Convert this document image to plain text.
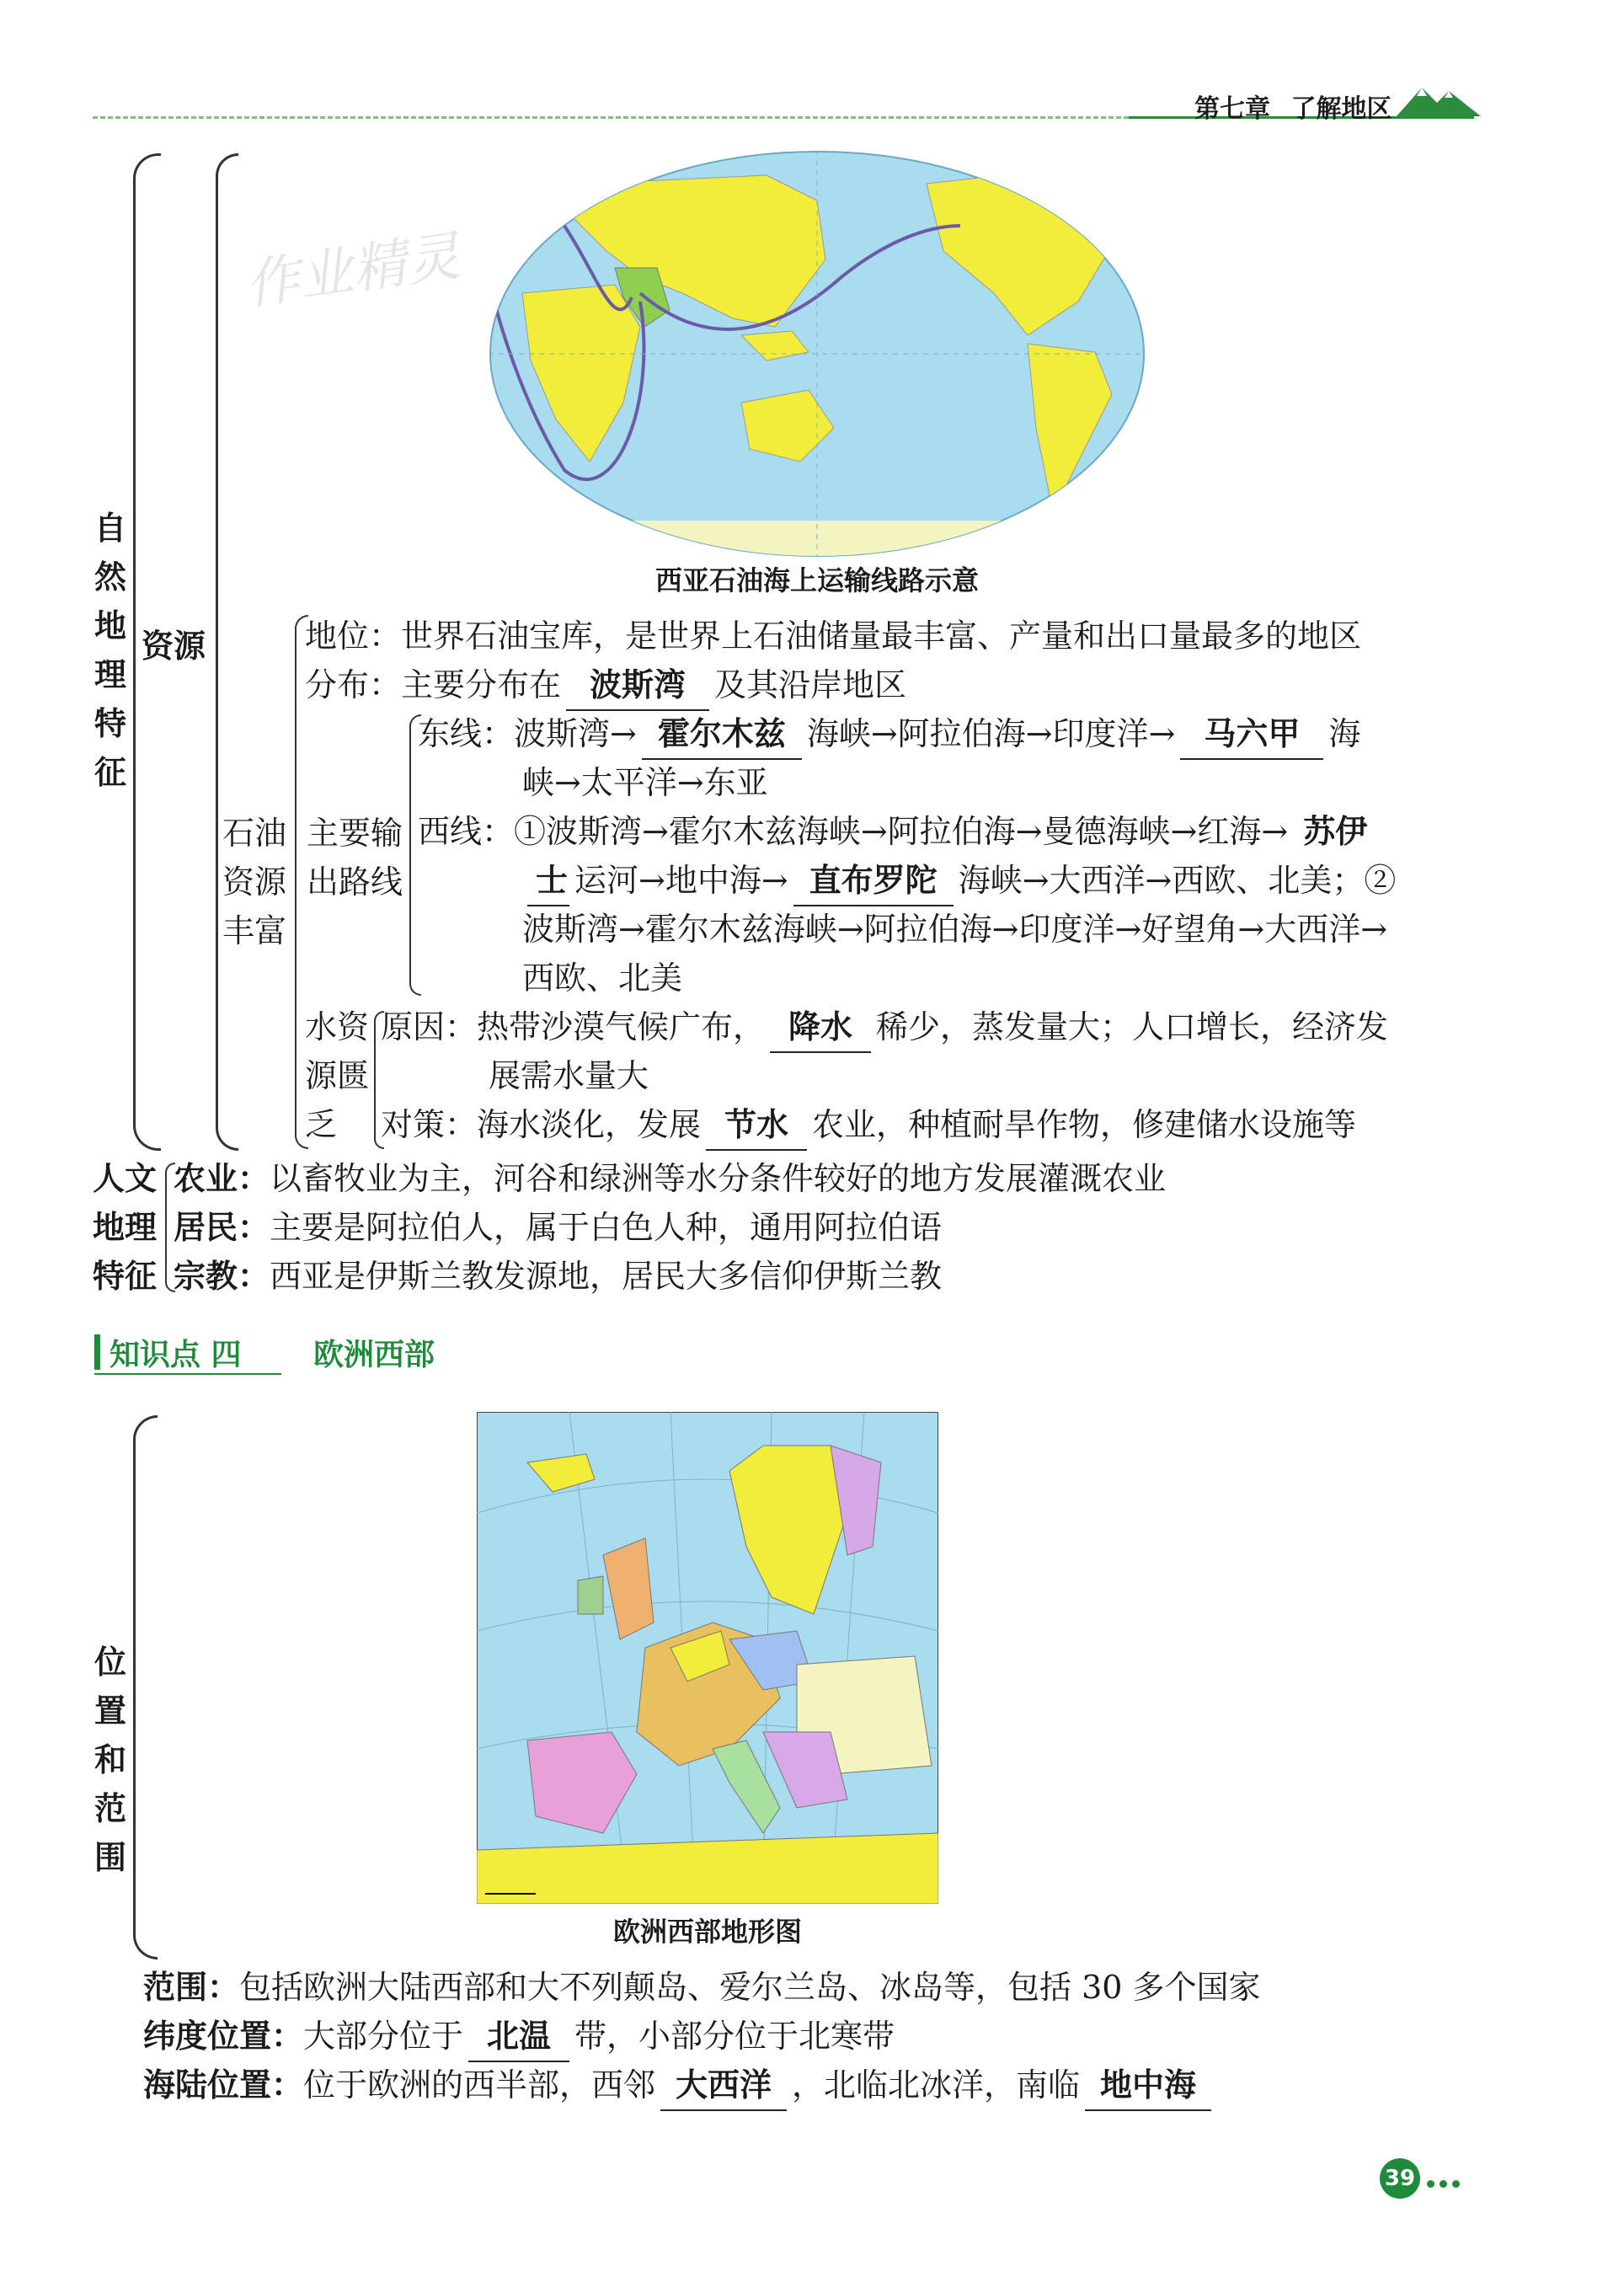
第七章 了解地区
作业精灵
自然地理特征
资源
西亚石油海上运输线路示意
地位：世界石油宝库，是世界上石油储量最丰富、产量和出口量最多的地区
分布：主要分布在 波斯湾 及其沿岸地区
石油资源丰富
主要输出路线
东线：波斯湾→ 霍尔木兹 海峡→阿拉伯海→印度洋→ 马六甲 海
峡→太平洋→东亚
西线：①波斯湾→霍尔木兹海峡→阿拉伯海→曼德海峡→红海→ 苏伊
士 运河→地中海→ 直布罗陀 海峡→大西洋→西欧、北美；②
波斯湾→霍尔木兹海峡→阿拉伯海→印度洋→好望角→大西洋→
西欧、北美
水资源匮乏
原因：热带沙漠气候广布， 降水 稀少，蒸发量大；人口增长，经济发
展需水量大
对策：海水淡化，发展 节水 农业，种植耐旱作物，修建储水设施等
人文
地理
特征
农业：以畜牧业为主，河谷和绿洲等水分条件较好的地方发展灌溉农业
居民：主要是阿拉伯人，属于白色人种，通用阿拉伯语
宗教：西亚是伊斯兰教发源地，居民大多信仰伊斯兰教
知识点 四 欧洲西部
位置和范围
欧洲西部地形图
范围：包括欧洲大陆西部和大不列颠岛、爱尔兰岛、冰岛等，包括 30 多个国家
纬度位置：大部分位于 北温 带，小部分位于北寒带
海陆位置：位于欧洲的西半部，西邻 大西洋 ，北临北冰洋，南临 地中海
39
